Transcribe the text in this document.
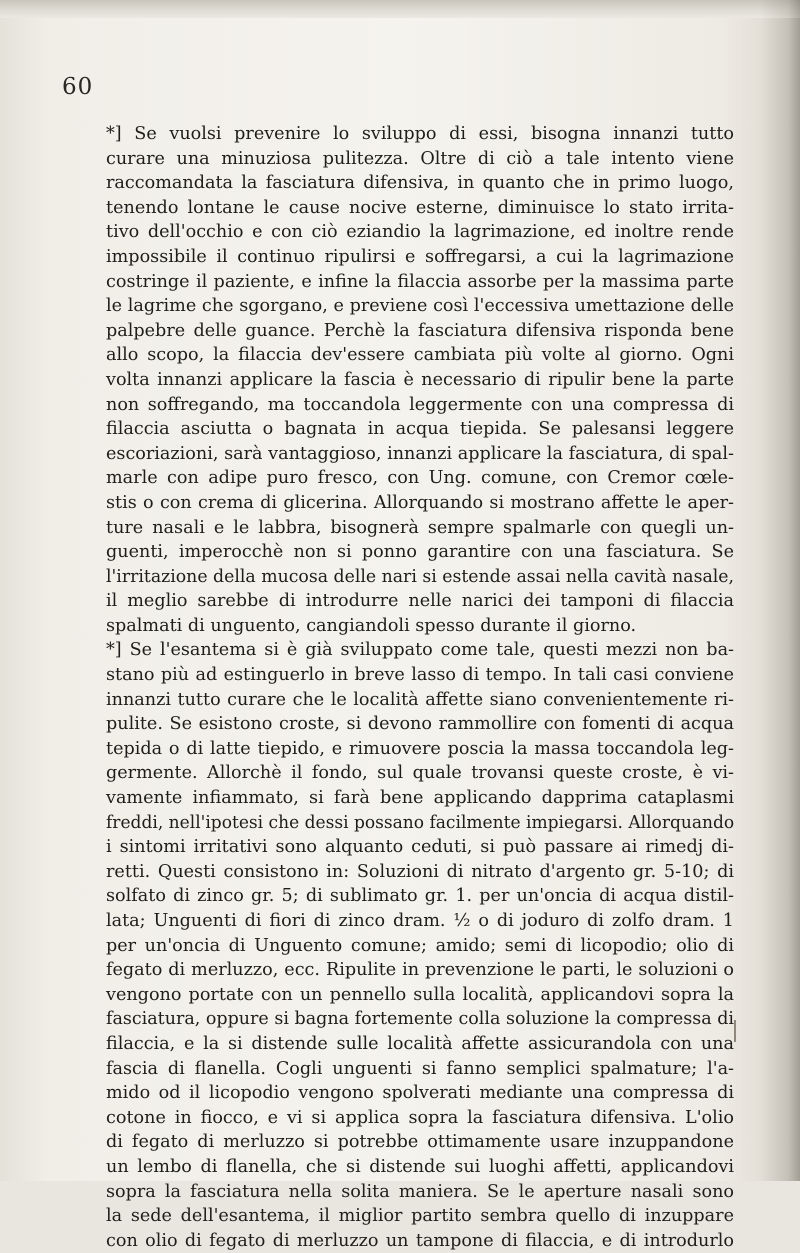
60
*] Se vuolsi prevenire lo sviluppo di essi, bisogna innanzi tutto
curare una minuziosa pulitezza. Oltre di ciò a tale intento viene
raccomandata la fasciatura difensiva, in quanto che in primo luogo,
tenendo lontane le cause nocive esterne, diminuisce lo stato irrita-
tivo dell'occhio e con ciò eziandio la lagrimazione, ed inoltre rende
impossibile il continuo ripulirsi e soffregarsi, a cui la lagrimazione
costringe il paziente, e infine la filaccia assorbe per la massima parte
le lagrime che sgorgano, e previene così l'eccessiva umettazione delle
palpebre delle guance. Perchè la fasciatura difensiva risponda bene
allo scopo, la filaccia dev'essere cambiata più volte al giorno. Ogni
volta innanzi applicare la fascia è necessario di ripulir bene la parte
non soffregando, ma toccandola leggermente con una compressa di
filaccia asciutta o bagnata in acqua tiepida. Se palesansi leggere
escoriazioni, sarà vantaggioso, innanzi applicare la fasciatura, di spal-
marle con adipe puro fresco, con Ung. comune, con Cremor cœle-
stis o con crema di glicerina. Allorquando si mostrano affette le aper-
ture nasali e le labbra, bisognerà sempre spalmarle con quegli un-
guenti, imperocchè non si ponno garantire con una fasciatura. Se
l'irritazione della mucosa delle nari si estende assai nella cavità nasale,
il meglio sarebbe di introdurre nelle narici dei tamponi di filaccia
spalmati di unguento, cangiandoli spesso durante il giorno.
*] Se l'esantema si è già sviluppato come tale, questi mezzi non ba-
stano più ad estinguerlo in breve lasso di tempo. In tali casi conviene
innanzi tutto curare che le località affette siano convenientemente ri-
pulite. Se esistono croste, si devono rammollire con fomenti di acqua
tepida o di latte tiepido, e rimuovere poscia la massa toccandola leg-
germente. Allorchè il fondo, sul quale trovansi queste croste, è vi-
vamente infiammato, si farà bene applicando dapprima cataplasmi
freddi, nell'ipotesi che dessi possano facilmente impiegarsi. Allorquando
i sintomi irritativi sono alquanto ceduti, si può passare ai rimedj di-
retti. Questi consistono in: Soluzioni di nitrato d'argento gr. 5-10; di
solfato di zinco gr. 5; di sublimato gr. 1. per un'oncia di acqua distil-
lata; Unguenti di fiori di zinco dram. ½ o di joduro di zolfo dram. 1
per un'oncia di Unguento comune; amido; semi di licopodio; olio di
fegato di merluzzo, ecc. Ripulite in prevenzione le parti, le soluzioni o
vengono portate con un pennello sulla località, applicandovi sopra la
fasciatura, oppure si bagna fortemente colla soluzione la compressa di
filaccia, e la si distende sulle località affette assicurandola con una
fascia di flanella. Cogli unguenti si fanno semplici spalmature; l'a-
mido od il licopodio vengono spolverati mediante una compressa di
cotone in fiocco, e vi si applica sopra la fasciatura difensiva. L'olio
di fegato di merluzzo si potrebbe ottimamente usare inzuppandone
un lembo di flanella, che si distende sui luoghi affetti, applicandovi
sopra la fasciatura nella solita maniera. Se le aperture nasali sono
la sede dell'esantema, il miglior partito sembra quello di inzuppare
con olio di fegato di merluzzo un tampone di filaccia, e di introdurlo
